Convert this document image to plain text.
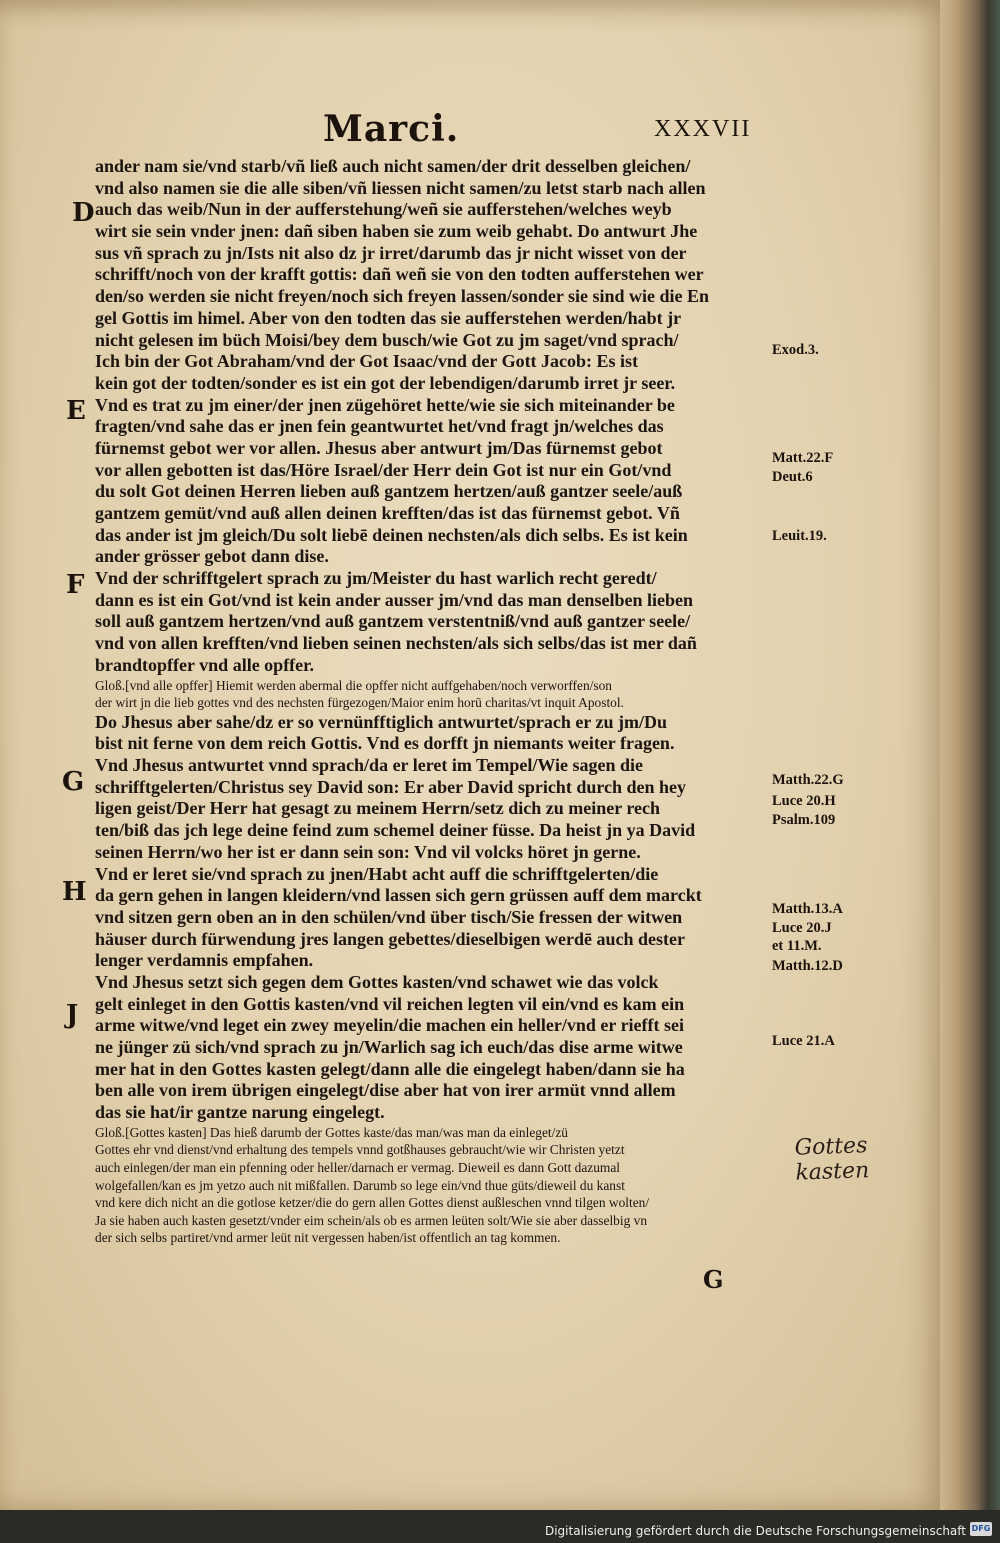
Marci.	XXXVII
ander nam sie/vnd starb/vñ ließ auch nicht samen/der drit desselben gleichen/
vnd also namen sie die alle siben/vñ liessen nicht samen/zu letst starb nach allen
auch das weib/Nun in der aufferstehung/weñ sie aufferstehen/welches weyb
wirt sie sein vnder jnen: dañ siben haben sie zum weib gehabt. Do antwurt Jhe
sus vñ sprach zu jn/Ists nit also dz jr irret/darumb das jr nicht wisset von der
schrifft/noch von der krafft gottis: dañ weñ sie von den todten aufferstehen wer
den/so werden sie nicht freyen/noch sich freyen lassen/sonder sie sind wie die En
gel Gottis im himel. Aber von den todten das sie aufferstehen werden/habt jr
nicht gelesen im büch Moisi/bey dem busch/wie Got zu jm saget/vnd sprach/
Ich bin der Got Abraham/vnd der Got Isaac/vnd der Gott Jacob: Es ist
kein got der todten/sonder es ist ein got der lebendigen/darumb irret jr seer.
Vnd es trat zu jm einer/der jnen zügehöret hette/wie sie sich miteinander be
fragten/vnd sahe das er jnen fein geantwurtet het/vnd fragt jn/welches das
fürnemst gebot wer vor allen. Jhesus aber antwurt jm/Das fürnemst gebot
vor allen gebotten ist das/Höre Israel/der Herr dein Got ist nur ein Got/vnd
du solt Got deinen Herren lieben auß gantzem hertzen/auß gantzer seele/auß
gantzem gemüt/vnd auß allen deinen krefften/das ist das fürnemst gebot. Vñ
das ander ist jm gleich/Du solt liebē deinen nechsten/als dich selbs. Es ist kein
ander grösser gebot dann dise.
Vnd der schrifftgelert sprach zu jm/Meister du hast warlich recht geredt/
dann es ist ein Got/vnd ist kein ander ausser jm/vnd das man denselben lieben
soll auß gantzem hertzen/vnd auß gantzem verstentniß/vnd auß gantzer seele/
vnd von allen krefften/vnd lieben seinen nechsten/als sich selbs/das ist mer dañ
brandtopffer vnd alle opffer.
Gloß.[vnd alle opffer] Hiemit werden abermal die opffer nicht auffgehaben/noch verworffen/son
der wirt jn die lieb gottes vnd des nechsten fürgezogen/Maior enim horū charitas/vt inquit Apostol.
Do Jhesus aber sahe/dz er so vernünfftiglich antwurtet/sprach er zu jm/Du
bist nit ferne von dem reich Gottis. Vnd es dorfft jn niemants weiter fragen.
Vnd Jhesus antwurtet vnnd sprach/da er leret im Tempel/Wie sagen die
schrifftgelerten/Christus sey David son: Er aber David spricht durch den hey
ligen geist/Der Herr hat gesagt zu meinem Herrn/setz dich zu meiner rech
ten/biß das jch lege deine feind zum schemel deiner füsse. Da heist jn ya David
seinen Herrn/wo her ist er dann sein son: Vnd vil volcks höret jn gerne.
Vnd er leret sie/vnd sprach zu jnen/Habt acht auff die schrifftgelerten/die
da gern gehen in langen kleidern/vnd lassen sich gern grüssen auff dem marckt
vnd sitzen gern oben an in den schülen/vnd über tisch/Sie fressen der witwen
häuser durch fürwendung jres langen gebettes/dieselbigen werdē auch dester
lenger verdamnis empfahen.
Vnd Jhesus setzt sich gegen dem Gottes kasten/vnd schawet wie das volck
gelt einleget in den Gottis kasten/vnd vil reichen legten vil ein/vnd es kam ein
arme witwe/vnd leget ein zwey meyelin/die machen ein heller/vnd er riefft sei
ne jünger zü sich/vnd sprach zu jn/Warlich sag ich euch/das dise arme witwe
mer hat in den Gottes kasten gelegt/dann alle die eingelegt haben/dann sie ha
ben alle von irem übrigen eingelegt/dise aber hat von irer armüt vnnd allem
das sie hat/ir gantze narung eingelegt.
Gloß.[Gottes kasten] Das hieß darumb der Gottes kaste/das man/was man da einleget/zü
Gottes ehr vnd dienst/vnd erhaltung des tempels vnnd gotßhauses gebraucht/wie wir Christen yetzt
auch einlegen/der man ein pfenning oder heller/darnach er vermag. Dieweil es dann Gott dazumal
wolgefallen/kan es jm yetzo auch nit mißfallen. Darumb so lege ein/vnd thue güts/dieweil du kanst
vnd kere dich nicht an die gotlose ketzer/die do gern allen Gottes dienst außleschen vnnd tilgen wolten/
Ja sie haben auch kasten gesetzt/vnder eim schein/als ob es armen leüten solt/Wie sie aber dasselbig vn
der sich selbs partiret/vnd armer leüt nit vergessen haben/ist offentlich an tag kommen.
D
E
F
G
H
J
Exod.3.
Matt.22.F
Deut.6
Leuit.19.
Matth.22.G
Luce 20.H
Psalm.109
Matth.13.A
Luce 20.J
et 11.M.
Matth.12.D
Luce 21.A
Gottes kasten
G
Digitalisierung gefördert durch die Deutsche Forschungsgemeinschaft DFG
